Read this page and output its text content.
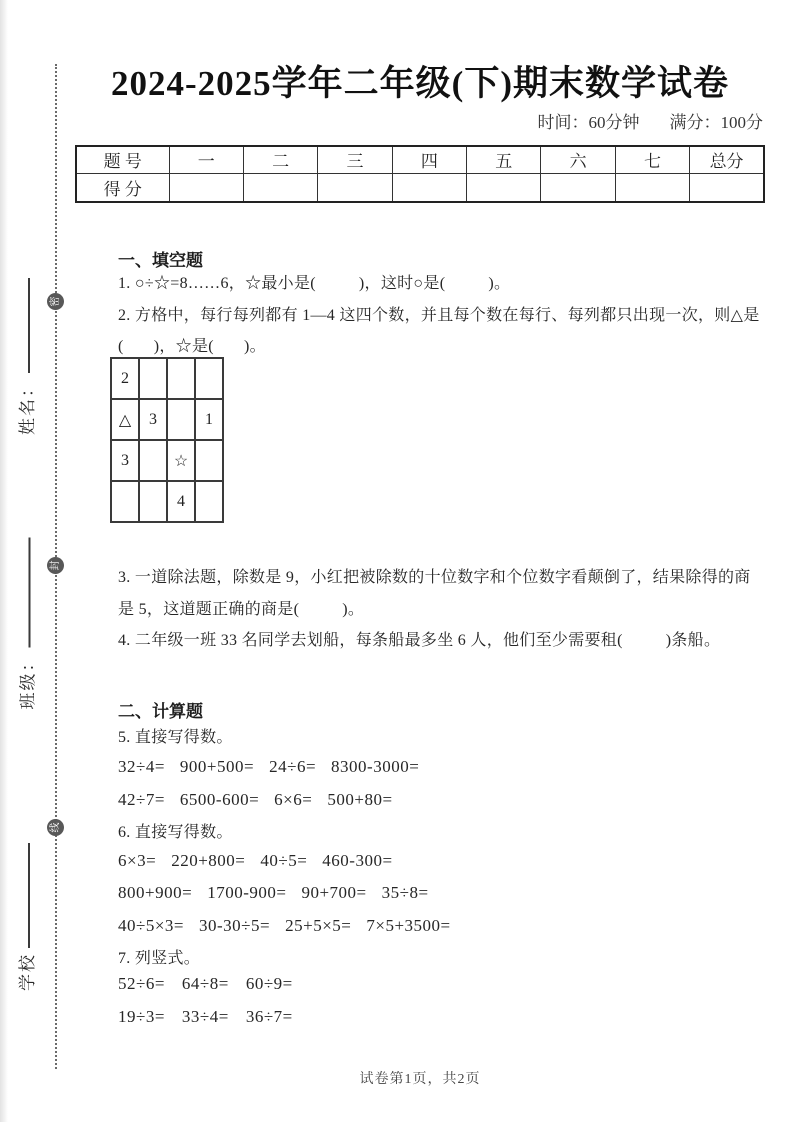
密
封
线
姓名：
班级：
学校
2024-2025学年二年级(下)期末数学试卷
时间：60分钟 满分：100分
题 号	一	二	三	四	五	六	七	总分
得 分								
一、填空题
1. ○÷☆=8……6，☆最小是(          )，这时○是(          )。
2. 方格中，每行每列都有 1—4 这四个数，并且每个数在每行、每列都只出现一次，则△是
(       )，☆是(       )。
2			
△	3		1
3		☆	
		4	
3. 一道除法题，除数是 9，小红把被除数的十位数字和个位数字看颠倒了，结果除得的商
是 5，这道题正确的商是(          )。
4. 二年级一班 33 名同学去划船，每条船最多坐 6 人，他们至少需要租(          )条船。
二、计算题
5. 直接写得数。
32÷4= 900+500= 24÷6= 8300-3000=
42÷7= 6500-600= 6×6= 500+80=
6. 直接写得数。
6×3= 220+800= 40÷5= 460-300=
800+900= 1700-900= 90+700= 35÷8=
40÷5×3= 30-30÷5= 25+5×5= 7×5+3500=
7. 列竖式。
52÷6= 64÷8= 60÷9=
19÷3= 33÷4= 36÷7=
试卷第1页，共2页
